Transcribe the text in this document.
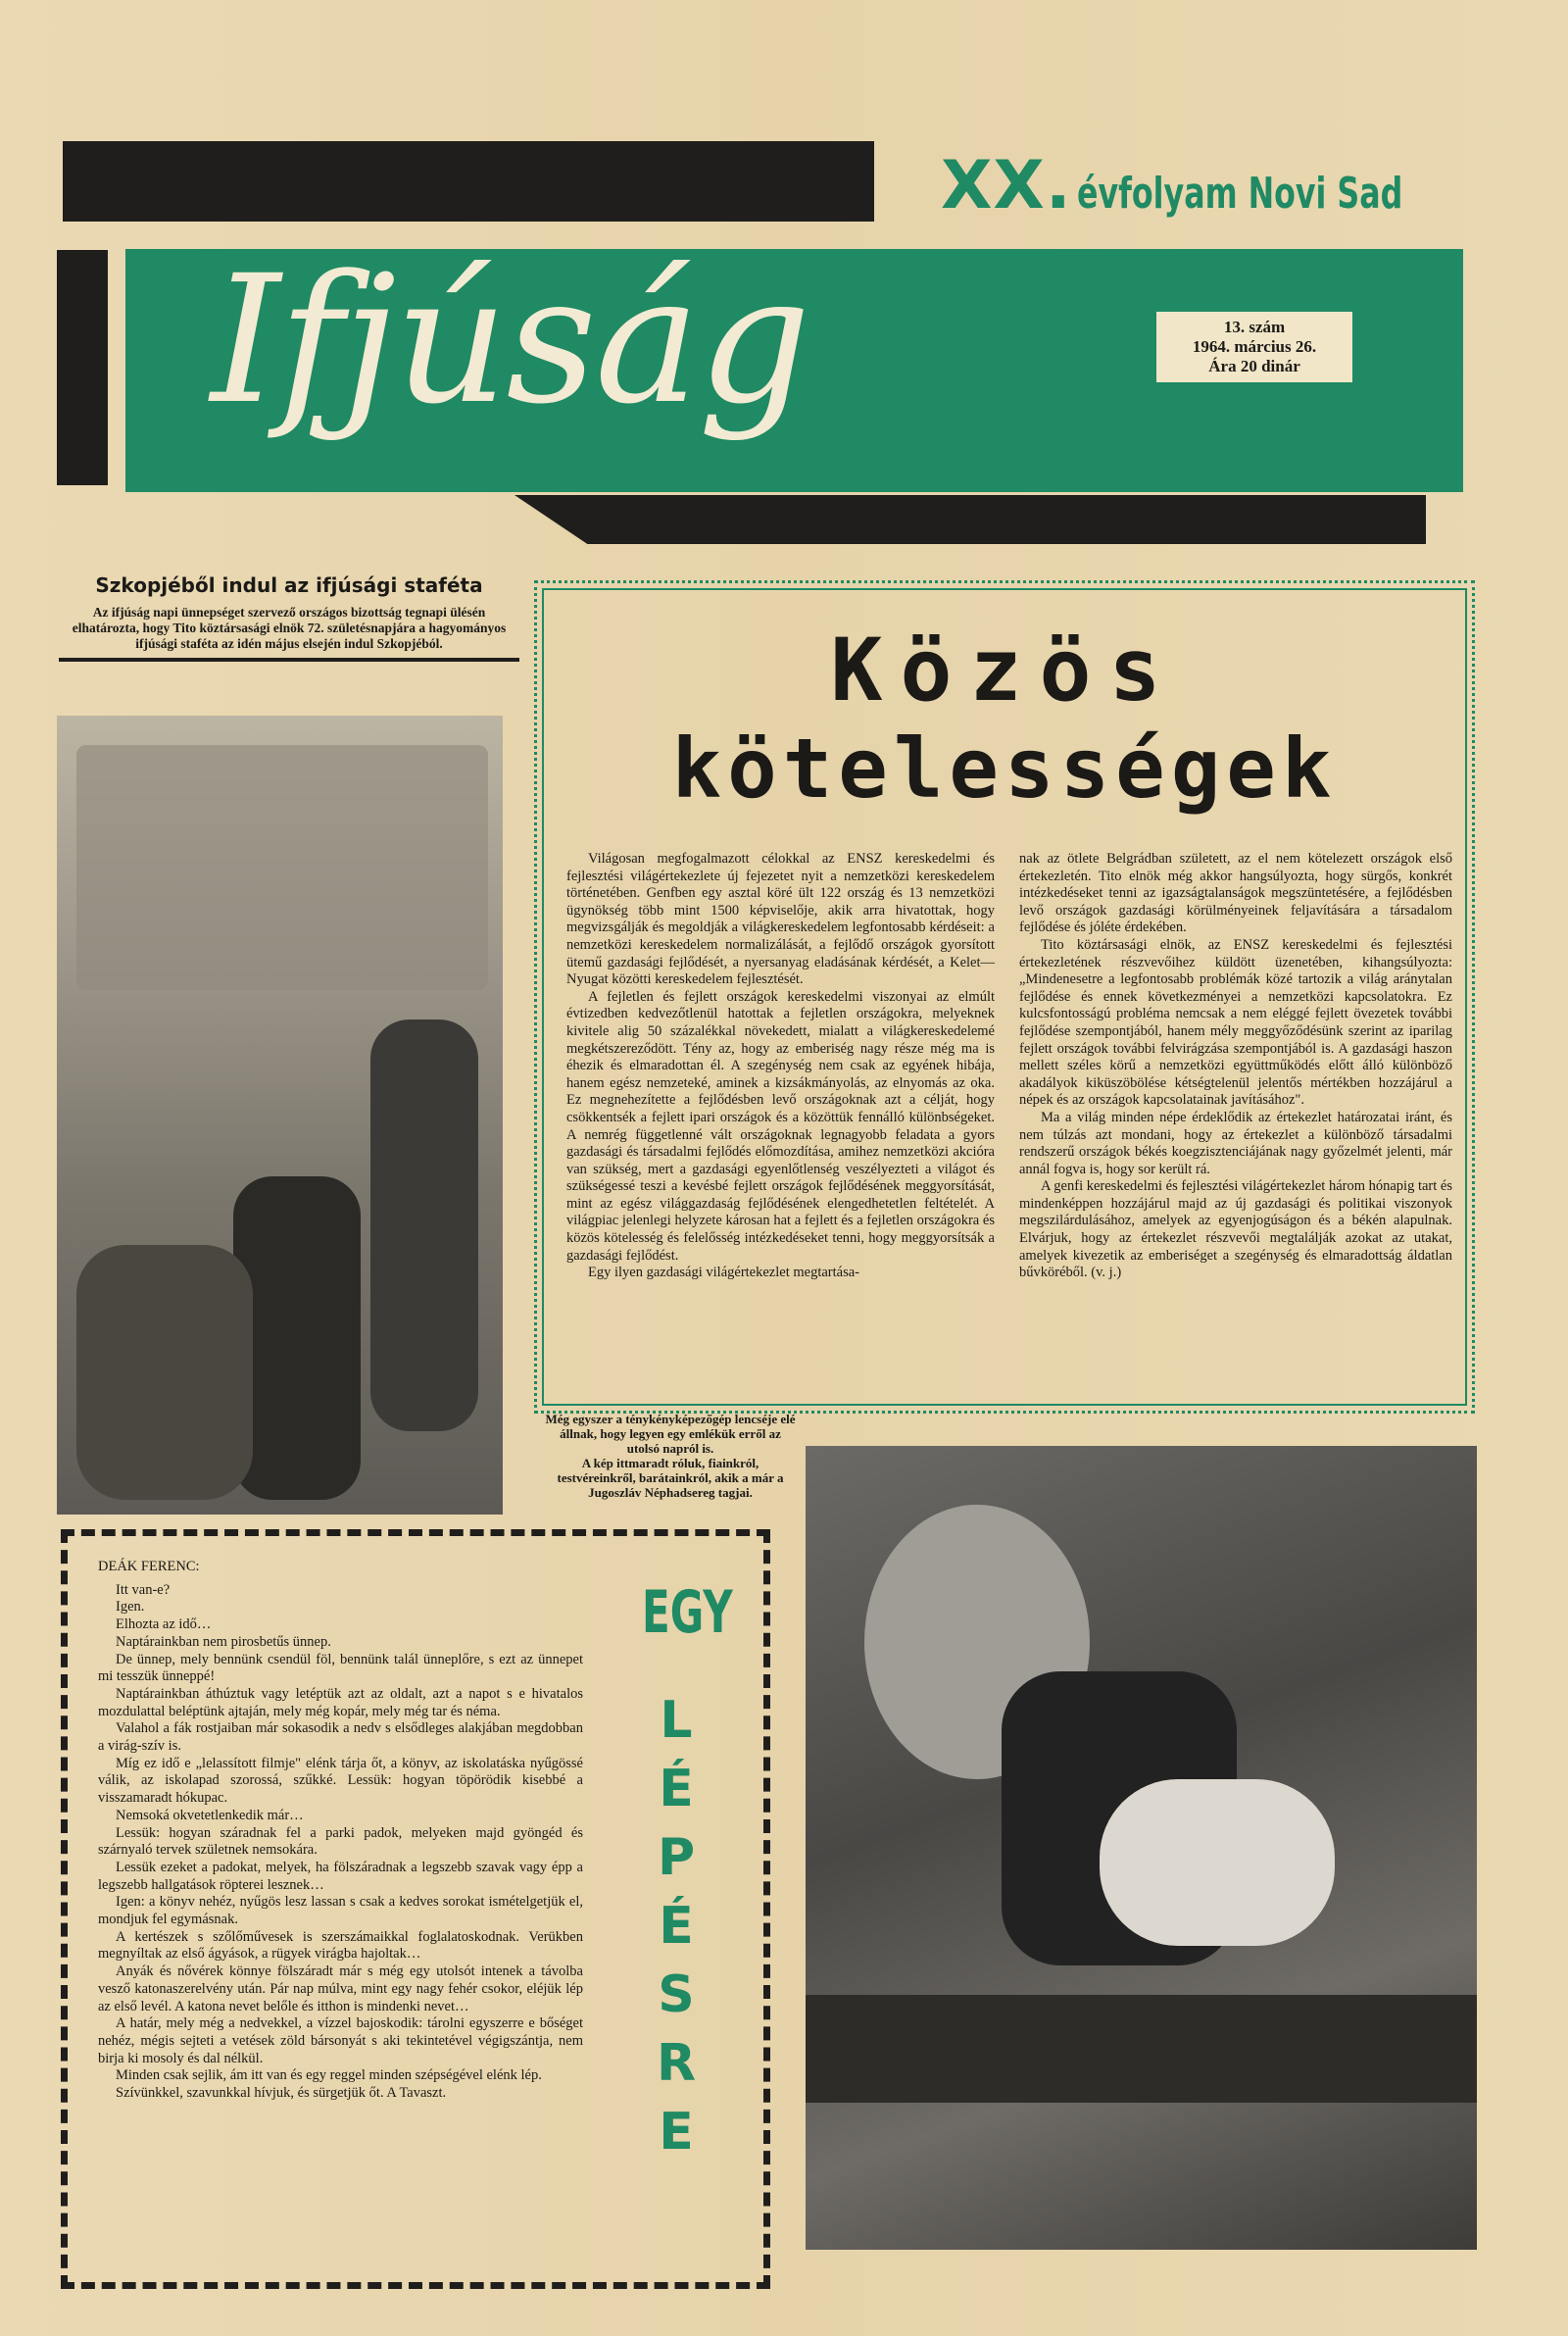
XX. évfolyam Novi Sad
Ifjúság	13. szám
1964. március 26.
Ára 20 dinár
Szkopjéből indul az ifjúsági staféta

Az ifjúság napi ünnepséget szervező országos bizottság tegnapi ülésén elhatározta, hogy Tito köztársasági elnök 72. születésnapjára a hagyományos ifjúsági staféta az idén május elsején indul Szkopjéból.	Közös
kötelességek

Világosan megfogalmazott célokkal az ENSZ kereskedelmi és fejlesztési világértekezlete új fejezetet nyit a nemzetközi kereskedelem történetében. Genfben egy asztal köré ült 122 ország és 13 nemzetközi ügynökség több mint 1500 képviselője, akik arra hivatottak, hogy megvizsgálják és megoldják a világkereskedelem legfontosabb kérdéseit: a nemzetközi kereskedelem normalizálását, a fejlődő országok gyorsított ütemű gazdasági fejlődését, a nyersanyag eladásának kérdését, a Kelet—Nyugat közötti kereskedelem fejlesztését.

A fejletlen és fejlett országok kereskedelmi viszonyai az elmúlt évtizedben kedvezőtlenül hatottak a fejletlen országokra, melyeknek kivitele alig 50 százalékkal növekedett, mialatt a világkereskedelemé megkétszereződött. Tény az, hogy az emberiség nagy része még ma is éhezik és elmaradottan él. A szegénység nem csak az egyének hibája, hanem egész nemzeteké, aminek a kizsákmányolás, az elnyomás az oka. Ez megnehezítette a fejlődésben levő országoknak azt a célját, hogy csökkentsék a fejlett ipari országok és a közöttük fennálló különbségeket. A nemrég függetlenné vált országoknak legnagyobb feladata a gyors gazdasági és társadalmi fejlődés előmozdítása, amihez nemzetközi akcióra van szükség, mert a gazdasági egyenlőtlenség veszélyezteti a világot és szükségessé teszi a kevésbé fejlett országok fejlődésének meggyorsítását, mint az egész világgazdaság fejlődésének elengedhetetlen feltételét. A világpiac jelenlegi helyzete károsan hat a fejlett és a fejletlen országokra és közös kötelesség és felelősség intézkedéseket tenni, hogy meggyorsítsák a gazdasági fejlődést.

Egy ilyen gazdasági világértekezlet megtartása-

nak az ötlete Belgrádban született, az el nem kötelezett országok első értekezletén. Tito elnök még akkor hangsúlyozta, hogy sürgős, konkrét intézkedéseket tenni az igazságtalanságok megszüntetésére, a fejlődésben levő országok gazdasági körülményeinek feljavítására a társadalom fejlődése és jóléte érdekében.

Tito köztársasági elnök, az ENSZ kereskedelmi és fejlesztési értekezletének részvevőihez küldött üzenetében, kihangsúlyozta: „Mindenesetre a legfontosabb problémák közé tartozik a világ aránytalan fejlődése és ennek következményei a nemzetközi kapcsolatokra. Ez kulcsfontosságú probléma nemcsak a nem eléggé fejlett övezetek további fejlődése szempontjából, hanem mély meggyőződésünk szerint az iparilag fejlett országok további felvirágzása szempontjából is. A gazdasági haszon mellett széles körű a nemzetközi együttműködés előtt álló különböző akadályok kiküszöbölése kétségtelenül jelentős mértékben hozzájárul a népek és az országok kapcsolatainak javításához".

Ma a világ minden népe érdeklődik az értekezlet határozatai iránt, és nem túlzás azt mondani, hogy az értekezlet a különböző társadalmi rendszerű országok békés koegzisztenciájának nagy győzelmét jelenti, már annál fogva is, hogy sor került rá.

A genfi kereskedelmi és fejlesztési világértekezlet három hónapig tart és mindenképpen hozzájárul majd az új gazdasági és politikai viszonyok megszilárdulásához, amelyek az egyenjogúságon és a békén alapulnak. Elvárjuk, hogy az értekezlet részvevői megtalálják azokat az utakat, amelyek kivezetik az emberiséget a szegénység és elmaradottság áldatlan bűvköréből. (v. j.)

Még egyszer a ténykényképezőgép lencséje elé állnak, hogy legyen egy emlékük erről az utolsó napról is.

A kép ittmaradt róluk, fiainkról, testvéreinkről, barátainkról, akik a már a Jugoszláv Néphadsereg tagjai.

DEÁK FERENC:

Itt van-e?

Igen.

Elhozta az idő…

Naptárainkban nem pirosbetűs ünnep.

De ünnep, mely bennünk csendül föl, bennünk talál ünneplőre, s ezt az ünnepet mi tesszük ünneppé!

Naptárainkban áthúztuk vagy letéptük azt az oldalt, azt a napot s e hivatalos mozdulattal beléptünk ajtaján, mely még kopár, mely még tar és néma.

Valahol a fák rostjaiban már sokasodik a nedv s elsődleges alakjában megdobban a virág-szív is.

Míg ez idő e „lelassított filmje" elénk tárja őt, a könyv, az iskolatáska nyűgössé válik, az iskolapad szorossá, szűkké. Lessük: hogyan töpörödik kisebbé a visszamaradt hókupac.

Nemsoká okvetetlenkedik már…

Lessük: hogyan száradnak fel a parki padok, melyeken majd gyöngéd és szárnyaló tervek születnek nemsokára.

Lessük ezeket a padokat, melyek, ha fölszáradnak a legszebb szavak vagy épp a legszebb hallgatások röpterei lesznek…

Igen: a könyv nehéz, nyűgös lesz lassan s csak a kedves sorokat ismételgetjük el, mondjuk fel egymásnak.

A kertészek s szőlőművesek is szerszámaikkal foglalatoskodnak. Verükben megnyíltak az első ágyások, a rügyek virágba hajoltak…

Anyák és nővérek könnye fölszáradt már s még egy utolsót intenek a távolba vesző katonaszerelvény után. Pár nap múlva, mint egy nagy fehér csokor, eléjük lép az első levél. A katona nevet belőle és itthon is mindenki nevet…

A határ, mely még a nedvekkel, a vízzel bajoskodik: tárolni egyszerre e bőséget nehéz, mégis sejteti a vetések zöld bársonyát s aki tekintetével végigszántja, nem birja ki mosoly és dal nélkül.

Minden csak sejlik, ám itt van és egy reggel minden szépségével elénk lép.

Szívünkkel, szavunkkal hívjuk, és sürgetjük őt. A Tavaszt.

EGY
L
É
P
É
S
R
E
